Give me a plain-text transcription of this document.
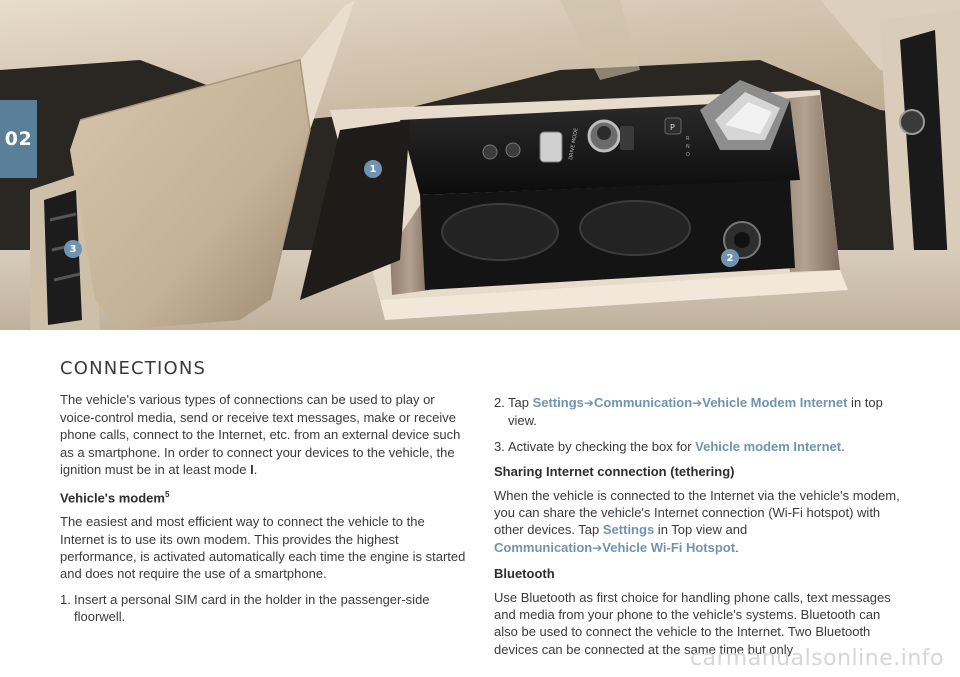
DRIVE MODE
P
R
N
D
1
2
3
02
CONNECTIONS

The vehicle's various types of connections can be used to play or voice-control media, send or receive text messages, make or receive phone calls, connect to the Internet, etc. from an external device such as a smartphone. In order to connect your devices to the vehicle, the ignition must be in at least mode I.

Vehicle's modem$^5$

The easiest and most efficient way to connect the vehicle to the Internet is to use its own modem. This provides the highest performance, is activated automatically each time the engine is started and does not require the use of a smartphone.

1. Insert a personal SIM card in the holder in the passenger-side floorwell.
2. Tap Settings➔Communication➔Vehicle Modem Internet in top view.
3. Activate by checking the box for Vehicle modem Internet.
Sharing Internet connection (tethering)

When the vehicle is connected to the Internet via the vehicle's modem, you can share the vehicle's Internet connection (Wi-Fi hotspot) with other devices. Tap Settings in Top view and
Communication➔Vehicle Wi-Fi Hotspot.

Bluetooth

Use Bluetooth as first choice for handling phone calls, text messages and media from your phone to the vehicle's systems. Bluetooth can also be used to connect the vehicle to the Internet. Two Bluetooth devices can be connected at the same time but only

carmanualsonline.info
